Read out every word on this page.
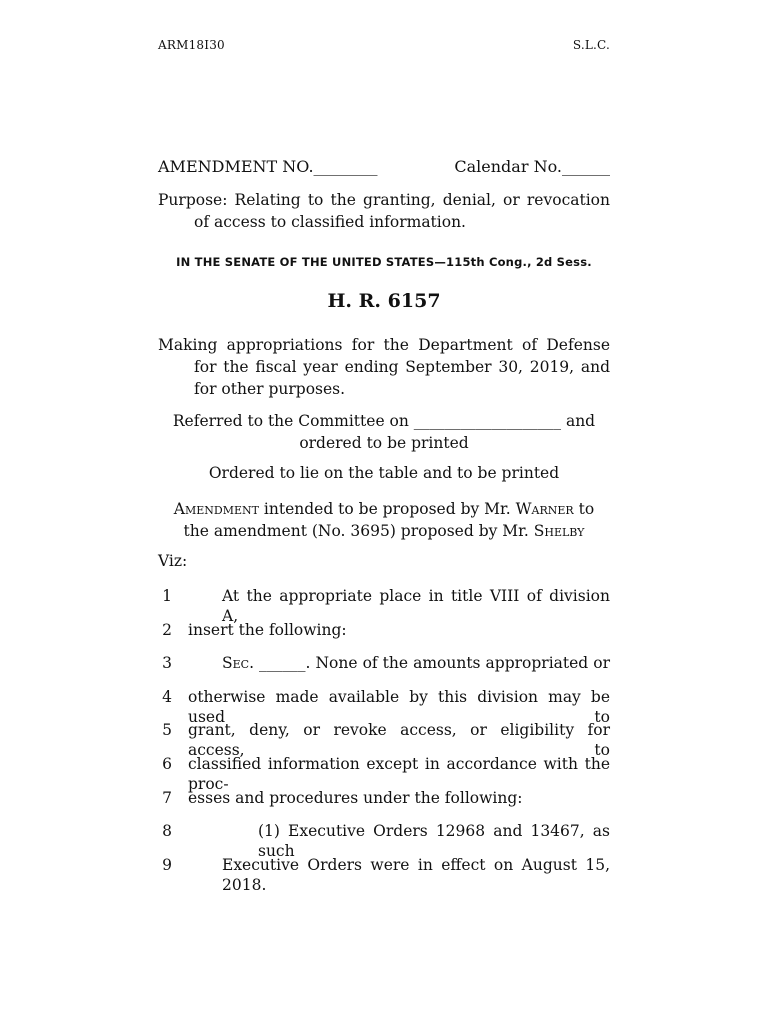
ARM18I30	S.L.C.
AMENDMENT NO.________	Calendar No.______
Purpose: Relating to the granting, denial, or revocation of access to classified information.
IN THE SENATE OF THE UNITED STATES—115th Cong., 2d Sess.
H. R. 6157
Making appropriations for the Department of Defense for the fiscal year ending September 30, 2019, and for other purposes.
Referred to the Committee on ___________________ and
ordered to be printed
Ordered to lie on the table and to be printed
Amendment intended to be proposed by Mr. Warner to
the amendment (No. 3695) proposed by Mr. Shelby
Viz:
1	At the appropriate place in title VIII of division A,
2 insert the following:
3	Sec. ______. None of the amounts appropriated or
4 otherwise made available by this division may be used to
5 grant, deny, or revoke access, or eligibility for access, to
6 classified information except in accordance with the proc-
7 esses and procedures under the following:
8	(1) Executive Orders 12968 and 13467, as such
9	Executive Orders were in effect on August 15, 2018.
